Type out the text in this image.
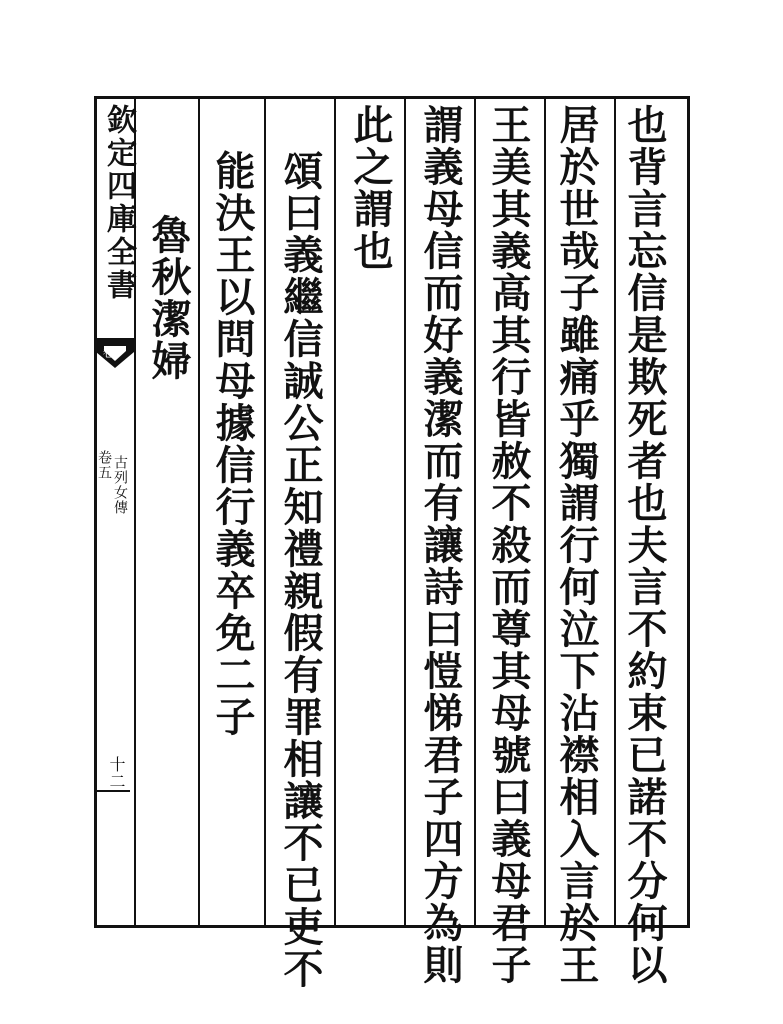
欽定四庫全書
卷
古列女傳
卷五
十二	也背言忘信是欺死者也夫言不約束已諾不分何以
居於世哉子雖痛乎獨謂行何泣下沾襟相入言於王
王美其義高其行皆赦不殺而尊其母號曰義母君子
謂義母信而好義潔而有讓詩曰愷悌君子四方為則
此之謂也
頌曰義繼信誠公正知禮親假有罪相讓不已吏不
能決王以問母據信行義卒免二子
魯秋潔婦
